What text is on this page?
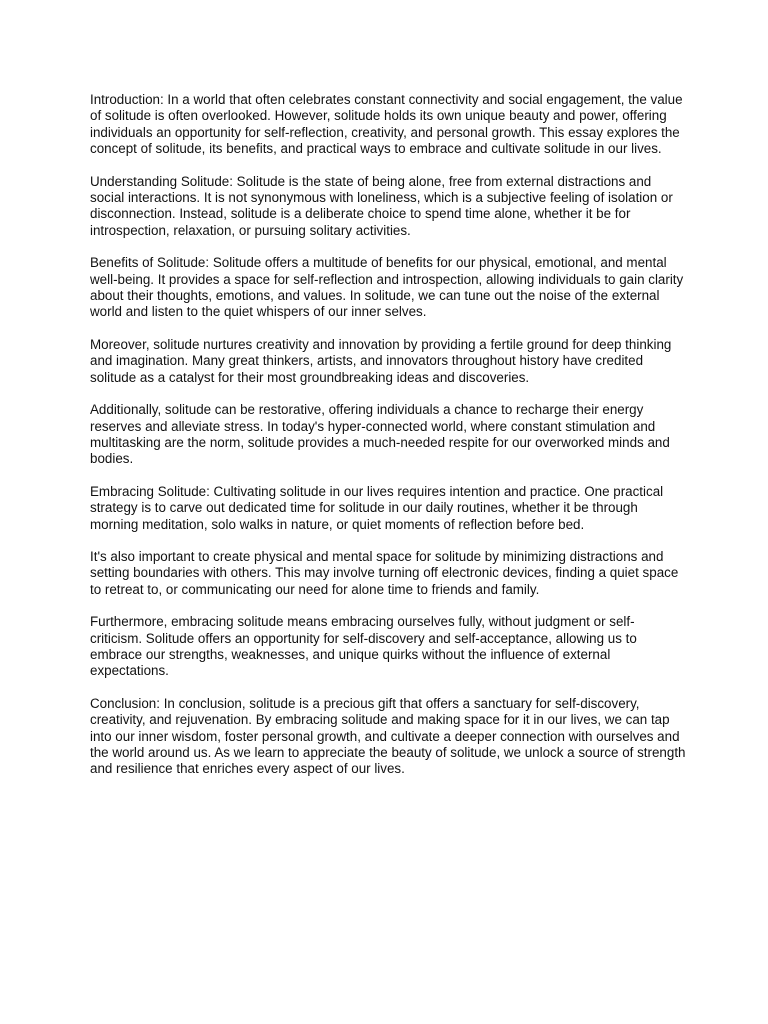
Introduction: In a world that often celebrates constant connectivity and social engagement, the value of solitude is often overlooked. However, solitude holds its own unique beauty and power, offering individuals an opportunity for self-reflection, creativity, and personal growth. This essay explores the concept of solitude, its benefits, and practical ways to embrace and cultivate solitude in our lives.

Understanding Solitude: Solitude is the state of being alone, free from external distractions and social interactions. It is not synonymous with loneliness, which is a subjective feeling of isolation or disconnection. Instead, solitude is a deliberate choice to spend time alone, whether it be for introspection, relaxation, or pursuing solitary activities.

Benefits of Solitude: Solitude offers a multitude of benefits for our physical, emotional, and mental well-being. It provides a space for self-reflection and introspection, allowing individuals to gain clarity about their thoughts, emotions, and values. In solitude, we can tune out the noise of the external world and listen to the quiet whispers of our inner selves.

Moreover, solitude nurtures creativity and innovation by providing a fertile ground for deep thinking and imagination. Many great thinkers, artists, and innovators throughout history have credited solitude as a catalyst for their most groundbreaking ideas and discoveries.

Additionally, solitude can be restorative, offering individuals a chance to recharge their energy reserves and alleviate stress. In today's hyper-connected world, where constant stimulation and multitasking are the norm, solitude provides a much-needed respite for our overworked minds and bodies.

Embracing Solitude: Cultivating solitude in our lives requires intention and practice. One practical strategy is to carve out dedicated time for solitude in our daily routines, whether it be through morning meditation, solo walks in nature, or quiet moments of reflection before bed.

It's also important to create physical and mental space for solitude by minimizing distractions and setting boundaries with others. This may involve turning off electronic devices, finding a quiet space to retreat to, or communicating our need for alone time to friends and family.

Furthermore, embracing solitude means embracing ourselves fully, without judgment or self-criticism. Solitude offers an opportunity for self-discovery and self-acceptance, allowing us to embrace our strengths, weaknesses, and unique quirks without the influence of external expectations.

Conclusion: In conclusion, solitude is a precious gift that offers a sanctuary for self-discovery, creativity, and rejuvenation. By embracing solitude and making space for it in our lives, we can tap into our inner wisdom, foster personal growth, and cultivate a deeper connection with ourselves and the world around us. As we learn to appreciate the beauty of solitude, we unlock a source of strength and resilience that enriches every aspect of our lives.
